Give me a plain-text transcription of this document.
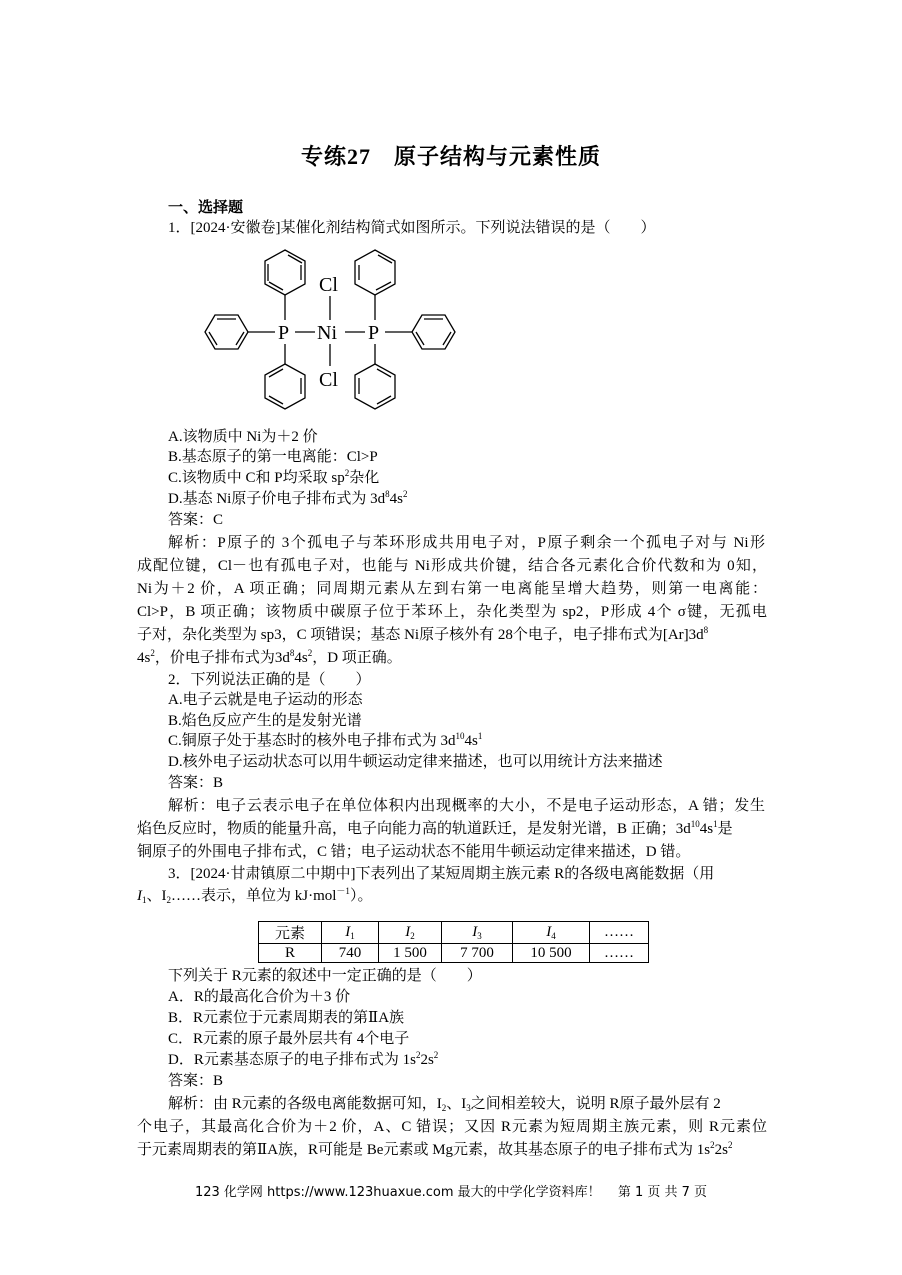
专练27　原子结构与元素性质
一、选择题
1．[2024·安徽卷]某催化剂结构简式如图所示。下列说法错误的是（　　）
P	P
Ni
Cl
Cl
A.该物质中 Ni为＋2 价
B.基态原子的第一电离能：Cl>P
C.该物质中 C和 P均采取 $sp^2$杂化
D.基态 Ni原子价电子排布式为 $3d^84s^2$
答案：C
解析：P原子的 3个孤电子与苯环形成共用电子对，P原子剩余一个孤电子对与 Ni形
成配位键，Cl－也有孤电子对，也能与 Ni形成共价键，结合各元素化合价代数和为 0知，
Ni为＋2 价，A 项正确；同周期元素从左到右第一电离能呈增大趋势，则第一电离能：
Cl>P，B 项正确；该物质中碳原子位于苯环上，杂化类型为 sp2，P形成 4个 σ键，无孤电
子对，杂化类型为 sp3，C 项错误；基态 Ni原子核外有 28个电子，电子排布式为$[Ar]3d^8$
$4s^2$，价电子排布式为$3d^84s^2$，D 项正确。
2．下列说法正确的是（　　）
A.电子云就是电子运动的形态
B.焰色反应产生的是发射光谱
C.铜原子处于基态时的核外电子排布式为 $3d^{10}4s^1$
D.核外电子运动状态可以用牛顿运动定律来描述，也可以用统计方法来描述
答案：B
解析：电子云表示电子在单位体积内出现概率的大小，不是电子运动形态，A 错；发生
焰色反应时，物质的能量升高，电子向能力高的轨道跃迁，是发射光谱，B 正确；$3d^{10}4s^1$是
铜原子的外围电子排布式，C 错；电子运动状态不能用牛顿运动定律来描述，D 错。
3．[2024·甘肃镇原二中期中]下表列出了某短周期主族元素 R的各级电离能数据（用
$I_1$、$I_2\dots\dots$表示，单位为 kJ·mol$^{-1}$）。
元素	$I_1$	$I_2$	$I_3$	$I_4$	……
R	740	1 500	7 700	10 500	……
下列关于 R元素的叙述中一定正确的是（　　）
A．R的最高化合价为＋3 价
B．R元素位于元素周期表的第ⅡA族
C．R元素的原子最外层共有 4个电子
D．R元素基态原子的电子排布式为 $1s^22s^2$
答案：B
解析：由 R元素的各级电离能数据可知，$I_2$、$I_3$之间相差较大，说明 R原子最外层有 2
个电子，其最高化合价为＋2 价，A、C 错误；又因 R元素为短周期主族元素，则 R元素位
于元素周期表的第ⅡA族，R可能是 Be元素或 Mg元素，故其基态原子的电子排布式为 $1s^22s^2$
123 化学网 https://www.123huaxue.com 最大的中学化学资料库！　 第 1 页 共 7 页
